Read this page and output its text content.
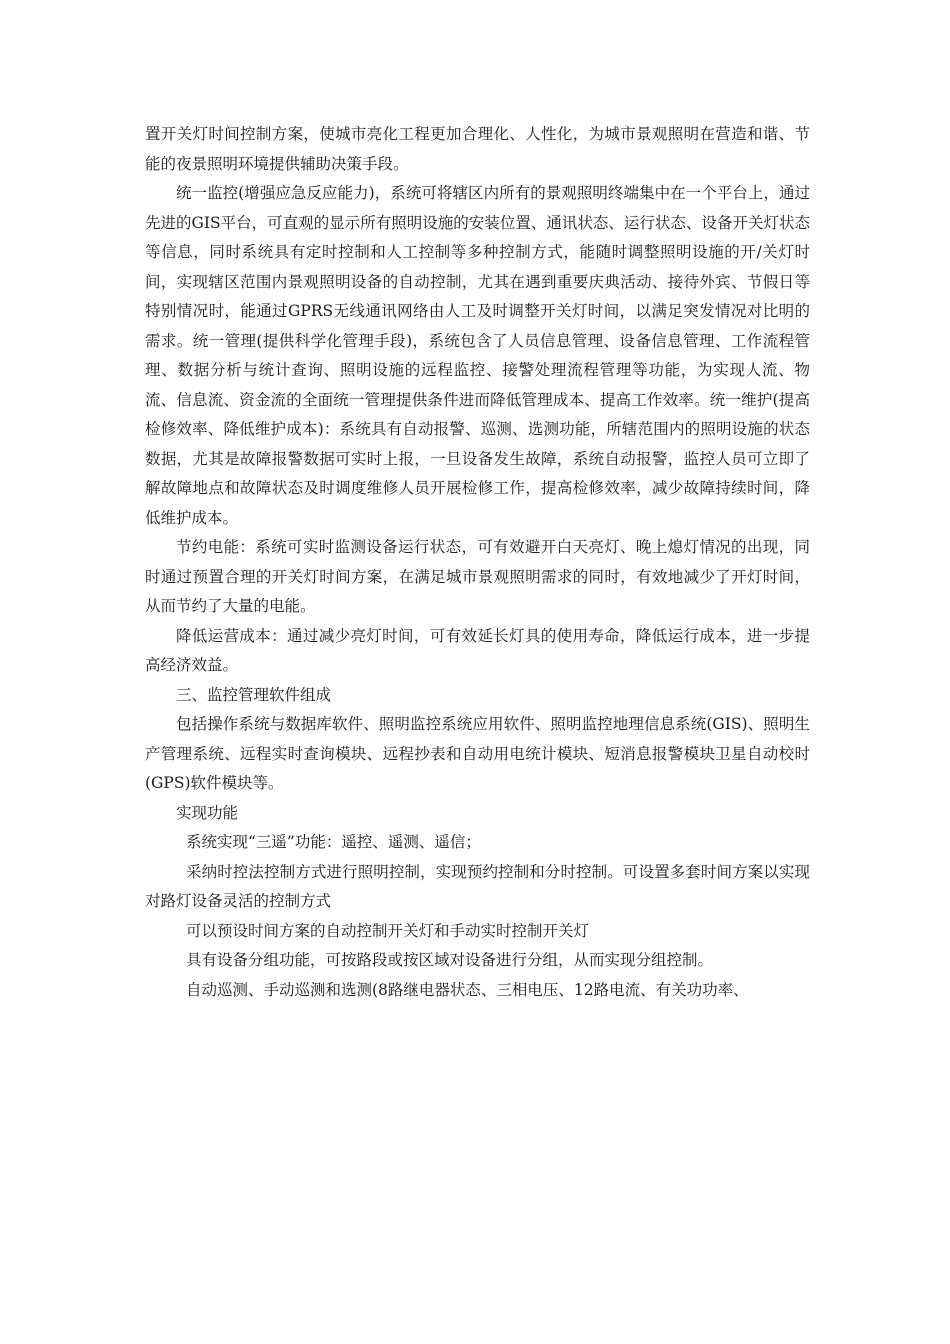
置开关灯时间控制方案，使城市亮化工程更加合理化、人性化，为城市景观照明在营造和谐、节能的夜景照明环境提供辅助决策手段。

统一监控(增强应急反应能力)，系统可将辖区内所有的景观照明终端集中在一个平台上，通过先进的GIS平台，可直观的显示所有照明设施的安装位置、通讯状态、运行状态、设备开关灯状态等信息，同时系统具有定时控制和人工控制等多种控制方式，能随时调整照明设施的开/关灯时间，实现辖区范围内景观照明设备的自动控制，尤其在遇到重要庆典活动、接待外宾、节假日等特别情况时，能通过GPRS无线通讯网络由人工及时调整开关灯时间，以满足突发情况对比明的需求。统一管理(提供科学化管理手段)，系统包含了人员信息管理、设备信息管理、工作流程管理、数据分析与统计查询、照明设施的远程监控、接警处理流程管理等功能，为实现人流、物流、信息流、资金流的全面统一管理提供条件进而降低管理成本、提高工作效率。统一维护(提高检修效率、降低维护成本)：系统具有自动报警、巡测、选测功能，所辖范围内的照明设施的状态数据，尤其是故障报警数据可实时上报，一旦设备发生故障，系统自动报警，监控人员可立即了解故障地点和故障状态及时调度维修人员开展检修工作，提高检修效率，减少故障持续时间，降低维护成本。

节约电能：系统可实时监测设备运行状态，可有效避开白天亮灯、晚上熄灯情况的出现，同时通过预置合理的开关灯时间方案，在满足城市景观照明需求的同时，有效地减少了开灯时间，从而节约了大量的电能。

降低运营成本：通过减少亮灯时间，可有效延长灯具的使用寿命，降低运行成本，进一步提高经济效益。

三、监控管理软件组成

包括操作系统与数据库软件、照明监控系统应用软件、照明监控地理信息系统(GIS)、照明生产管理系统、远程实时查询模块、远程抄表和自动用电统计模块、短消息报警模块卫星自动校时(GPS)软件模块等。

实现功能

系统实现“三遥”功能：遥控、遥测、遥信；

采纳时控法控制方式进行照明控制，实现预约控制和分时控制。可设置多套时间方案以实现对路灯设备灵活的控制方式

可以预设时间方案的自动控制开关灯和手动实时控制开关灯

具有设备分组功能，可按路段或按区域对设备进行分组，从而实现分组控制。

自动巡测、手动巡测和选测(8路继电器状态、三相电压、12路电流、有关功功率、
